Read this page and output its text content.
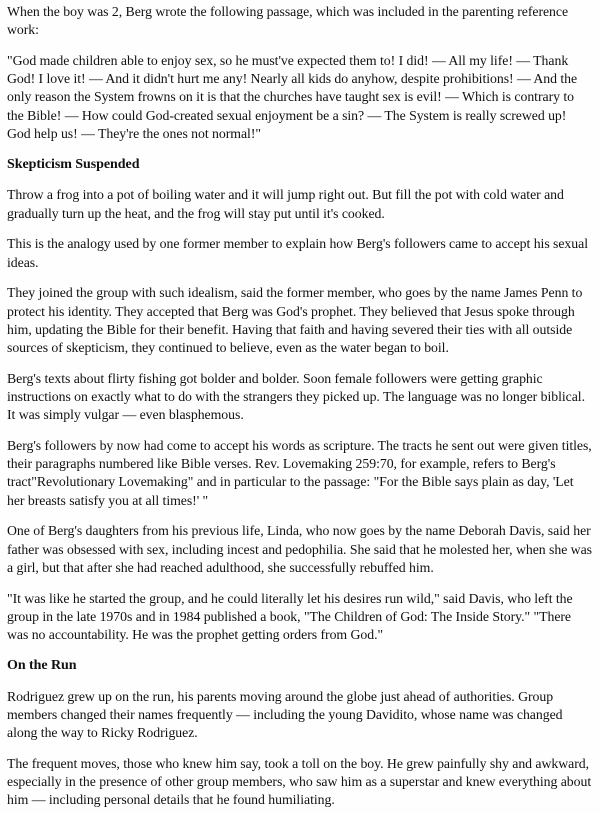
When the boy was 2, Berg wrote the following passage, which was included in the parenting reference work:

"God made children able to enjoy sex, so he must've expected them to! I did! — All my life! — Thank God! I love it! — And it didn't hurt me any! Nearly all kids do anyhow, despite prohibitions! — And the only reason the System frowns on it is that the churches have taught sex is evil! — Which is contrary to the Bible! — How could God-created sexual enjoyment be a sin? — The System is really screwed up! God help us! — They're the ones not normal!"

Skepticism Suspended

Throw a frog into a pot of boiling water and it will jump right out. But fill the pot with cold water and gradually turn up the heat, and the frog will stay put until it's cooked.

This is the analogy used by one former member to explain how Berg's followers came to accept his sexual ideas.

They joined the group with such idealism, said the former member, who goes by the name James Penn to protect his identity. They accepted that Berg was God's prophet. They believed that Jesus spoke through him, updating the Bible for their benefit. Having that faith and having severed their ties with all outside sources of skepticism, they continued to believe, even as the water began to boil.

Berg's texts about flirty fishing got bolder and bolder. Soon female followers were getting graphic instructions on exactly what to do with the strangers they picked up. The language was no longer biblical. It was simply vulgar — even blasphemous.

Berg's followers by now had come to accept his words as scripture. The tracts he sent out were given titles, their paragraphs numbered like Bible verses. Rev. Lovemaking 259:70, for example, refers to Berg's tract"Revolutionary Lovemaking" and in particular to the passage: "For the Bible says plain as day, 'Let her breasts satisfy you at all times!' "

One of Berg's daughters from his previous life, Linda, who now goes by the name Deborah Davis, said her father was obsessed with sex, including incest and pedophilia. She said that he molested her, when she was a girl, but that after she had reached adulthood, she successfully rebuffed him.

"It was like he started the group, and he could literally let his desires run wild," said Davis, who left the group in the late 1970s and in 1984 published a book, "The Children of God: The Inside Story." "There was no accountability. He was the prophet getting orders from God."

On the Run

Rodriguez grew up on the run, his parents moving around the globe just ahead of authorities. Group members changed their names frequently — including the young Davidito, whose name was changed along the way to Ricky Rodriguez.

The frequent moves, those who knew him say, took a toll on the boy. He grew painfully shy and awkward, especially in the presence of other group members, who saw him as a superstar and knew everything about him — including personal details that he found humiliating.
